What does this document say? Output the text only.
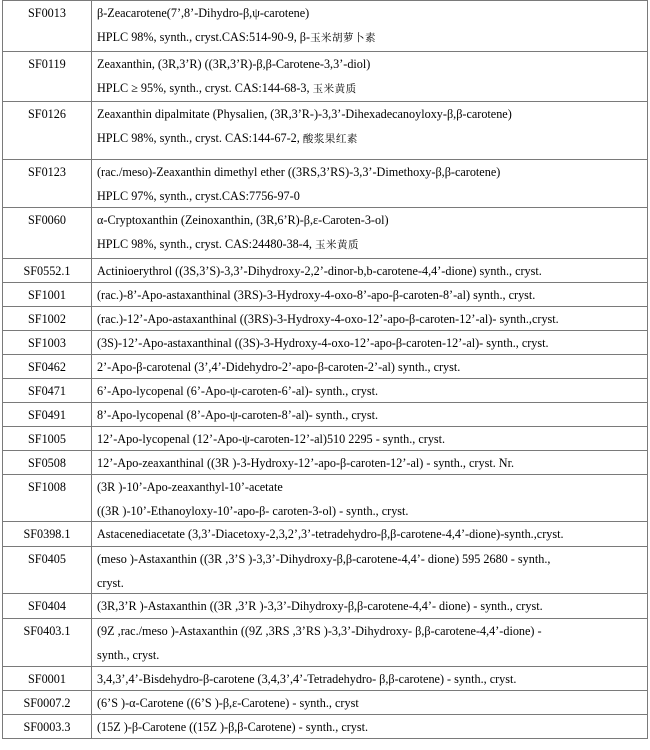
SF0013	β-Zeacarotene(7’,8’-Dihydro-β,ψ-carotene)
HPLC 98%, synth., cryst.CAS:514-90-9, β-玉米胡萝卜素

SF0119	Zeaxanthin, (3R,3’R) ((3R,3’R)-β,β-Carotene-3,3’-diol)
HPLC ≥ 95%, synth., cryst. CAS:144-68-3, 玉米黄质

SF0126	Zeaxanthin dipalmitate (Physalien, (3R,3’R-)-3,3’-Dihexadecanoyloxy-β,β-carotene)
HPLC 98%, synth., cryst. CAS:144-67-2, 酸浆果红素

SF0123	(rac./meso)-Zeaxanthin dimethyl ether ((3RS,3’RS)-3,3’-Dimethoxy-β,β-carotene)
HPLC 97%, synth., cryst.CAS:7756-97-0

SF0060	α-Cryptoxanthin (Zeinoxanthin, (3R,6’R)-β,ε-Caroten-3-ol)
HPLC 98%, synth., cryst. CAS:24480-38-4, 玉米黄质

SF0552.1	Actinioerythrol ((3S,3’S)-3,3’-Dihydroxy-2,2’-dinor-b,b-carotene-4,4’-dione) synth., cryst.

SF1001	(rac.)-8’-Apo-astaxanthinal (3RS)-3-Hydroxy-4-oxo-8’-apo-β-caroten-8’-al) synth., cryst.

SF1002	(rac.)-12’-Apo-astaxanthinal ((3RS)-3-Hydroxy-4-oxo-12’-apo-β-caroten-12’-al)- synth.,cryst.

SF1003	(3S)-12’-Apo-astaxanthinal ((3S)-3-Hydroxy-4-oxo-12’-apo-β-caroten-12’-al)- synth., cryst.

SF0462	2’-Apo-β-carotenal (3’,4’-Didehydro-2’-apo-β-caroten-2’-al) synth., cryst.

SF0471	6’-Apo-lycopenal (6’-Apo-ψ-caroten-6’-al)- synth., cryst.

SF0491	8’-Apo-lycopenal (8’-Apo-ψ-caroten-8’-al)- synth., cryst.

SF1005	12’-Apo-lycopenal (12’-Apo-ψ-caroten-12’-al)510 2295 - synth., cryst.

SF0508	12’-Apo-zeaxanthinal ((3R )-3-Hydroxy-12’-apo-β-caroten-12’-al) - synth., cryst. Nr.

SF1008	(3R )-10’-Apo-zeaxanthyl-10’-acetate
((3R )-10’-Ethanoyloxy-10’-apo-β- caroten-3-ol) - synth., cryst.

SF0398.1	Astacenediacetate (3,3’-Diacetoxy-2,3,2’,3’-tetradehydro-β,β-carotene-4,4’-dione)-synth.,cryst.

SF0405	(meso )-Astaxanthin ((3R ,3’S )-3,3’-Dihydroxy-β,β-carotene-4,4’- dione) 595 2680 - synth.,
cryst.

SF0404	(3R,3’R )-Astaxanthin ((3R ,3’R )-3,3’-Dihydroxy-β,β-carotene-4,4’- dione) - synth., cryst.

SF0403.1	(9Z ,rac./meso )-Astaxanthin ((9Z ,3RS ,3’RS )-3,3’-Dihydroxy- β,β-carotene-4,4’-dione) -
synth., cryst.

SF0001	3,4,3’,4’-Bisdehydro-β-carotene (3,4,3’,4’-Tetradehydro- β,β-carotene) - synth., cryst.

SF0007.2	(6’S )-α-Carotene ((6’S )-β,ε-Carotene) - synth., cryst

SF0003.3	(15Z )-β-Carotene ((15Z )-β,β-Carotene) - synth., cryst.
